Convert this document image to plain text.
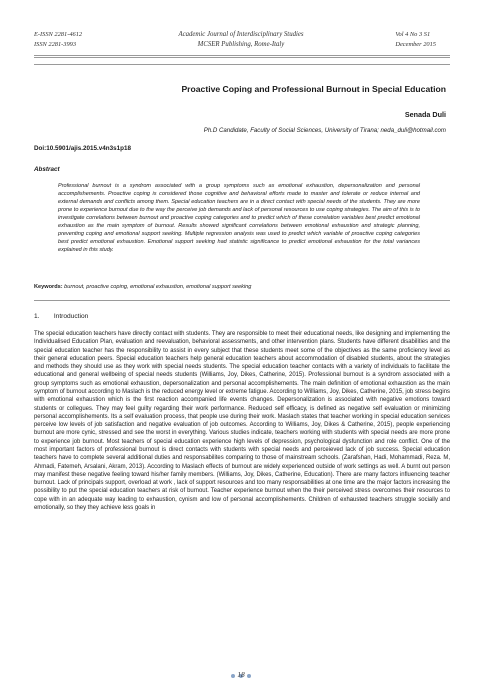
E-ISSN 2281-4612
ISSN 2281-3993
Academic Journal of Interdisciplinary Studies
MCSER Publishing, Rome-Italy
Vol 4 No 3 S1
December 2015
Proactive Coping and Professional Burnout in Special Education
Senada Duli
Ph.D Candidate, Faculty of Social Sciences, University of Tirana; neda_duli@hotmail.com
Doi:10.5901/ajis.2015.v4n3s1p18
Abstract
Professional burnout is a syndrom associated with a group symptoms such as emotional exhaustion, depersonalization and personal accomplishements. Proactive coping is considered those cognitive and behavioral efforts made to master and tolerate or reduce internal and external demands and conflicts among them. Special education teachers are in a direct contact with special needs of the students. They are more prone to experience burnout due to the way the perceive job demands and lack of personal resources to use coping strategies. The aim of this is to investigate correlations between burnout and proactive coping categories and to predict which of these correlation variables best predict emotional exhaustion as the main symptom of burnout. Results showed significant correlations between emotional exhaustion and strategic planning, preventing coping and emotional support seeking. Multiple regression analysis was used to predict which variable of proactive coping categories best predict emotional exhaustion. Emotional support seeking had statistic significance to predict emotional exhaustion for the total variances explained in this study.
Keywords: burnout, proactive coping, emotional exhaustion, emotional support seeking
1. Introduction
The special education teachers have directly contact with students. They are responsible to meet their educational needs, like designing and implementing the Individualised Education Plan, evaluation and reevaluation, behavioral assessments, and other intervention plans. Students have different disabilities and the special education teacher has the responsibility to assist in every subject that these students meet some of the objectives as the same proficiency level as their general education peers. Special education teachers help general education teachers about accommodation of disabled students, about the strategies and methods they should use as they work with special needs students. The special education teacher contacts with a variety of individuals to facilitate the educational and general wellbeing of special needs students (Williams, Joy, Dikes, Catherine, 2015). Professional burnout is a syndrom associated with a group symptoms such as emotional exhaustion, depersonalization and personal accomplishements. The main definition of emotional exhaustion as the main symptom of burnout according to Maslach is the reduced energy level or extreme fatigue. According to Williams, Joy, Dikes, Catherine, 2015, job stress begins with emotional exhaustion which is the first reaction accompanied life events changes. Depersonalization is associated with negative emotions toward students or collegues. They may feel guilty regarding their work performance. Reduced self efficacy, is defined as negative self evaluation or minimizing personal accomplishements. Its a self evaluation process, that people use during their work. Maslach states that teacher working in special education services perceive low levels of job satisfaction and negative evaluation of job outcomes. According to Williams, Joy, Dikes & Catherine, 2015), people experiencing burnout are more cynic, stressed and see the worst in everything. Various studies indicate, teachers working with students with special needs are more prone to experience job burnout. Most teachers of special education experience high levels of depression, psychological dysfunction and role conflict. One of the most important factors of professional burnout is direct contacts with students with special needs and perceieved lack of job success. Special education teachers have to complete several additional duties and responsabilites comparing to those of mainstream schools. (Zarafshan, Hadi, Mohammadi, Reza. M, Ahmadi, Fatemeh, Arsalani, Akram, 2013). According to Maslach effects of burnout are widely experienced outside of work settings as well. A burnt out person may manifest these negative feeling toward his/her family members. (Williams, Joy, Dikes, Catherine, Education). There are many factors influencing teacher burnout. Lack of principals support, overload at work , lack of support resources and too many responsabilities at one time are the major factors increasing the possibility to put the special education teachers at risk of burnout. Teacher experience burnout when the their perceived stress overcomes their resources to cope with in an adequate way leading to exhaustion, cynism and low of personal accomplishements. Children of exhausted teachers struggle socially and emotionally, so they they achieve less goals in
18
